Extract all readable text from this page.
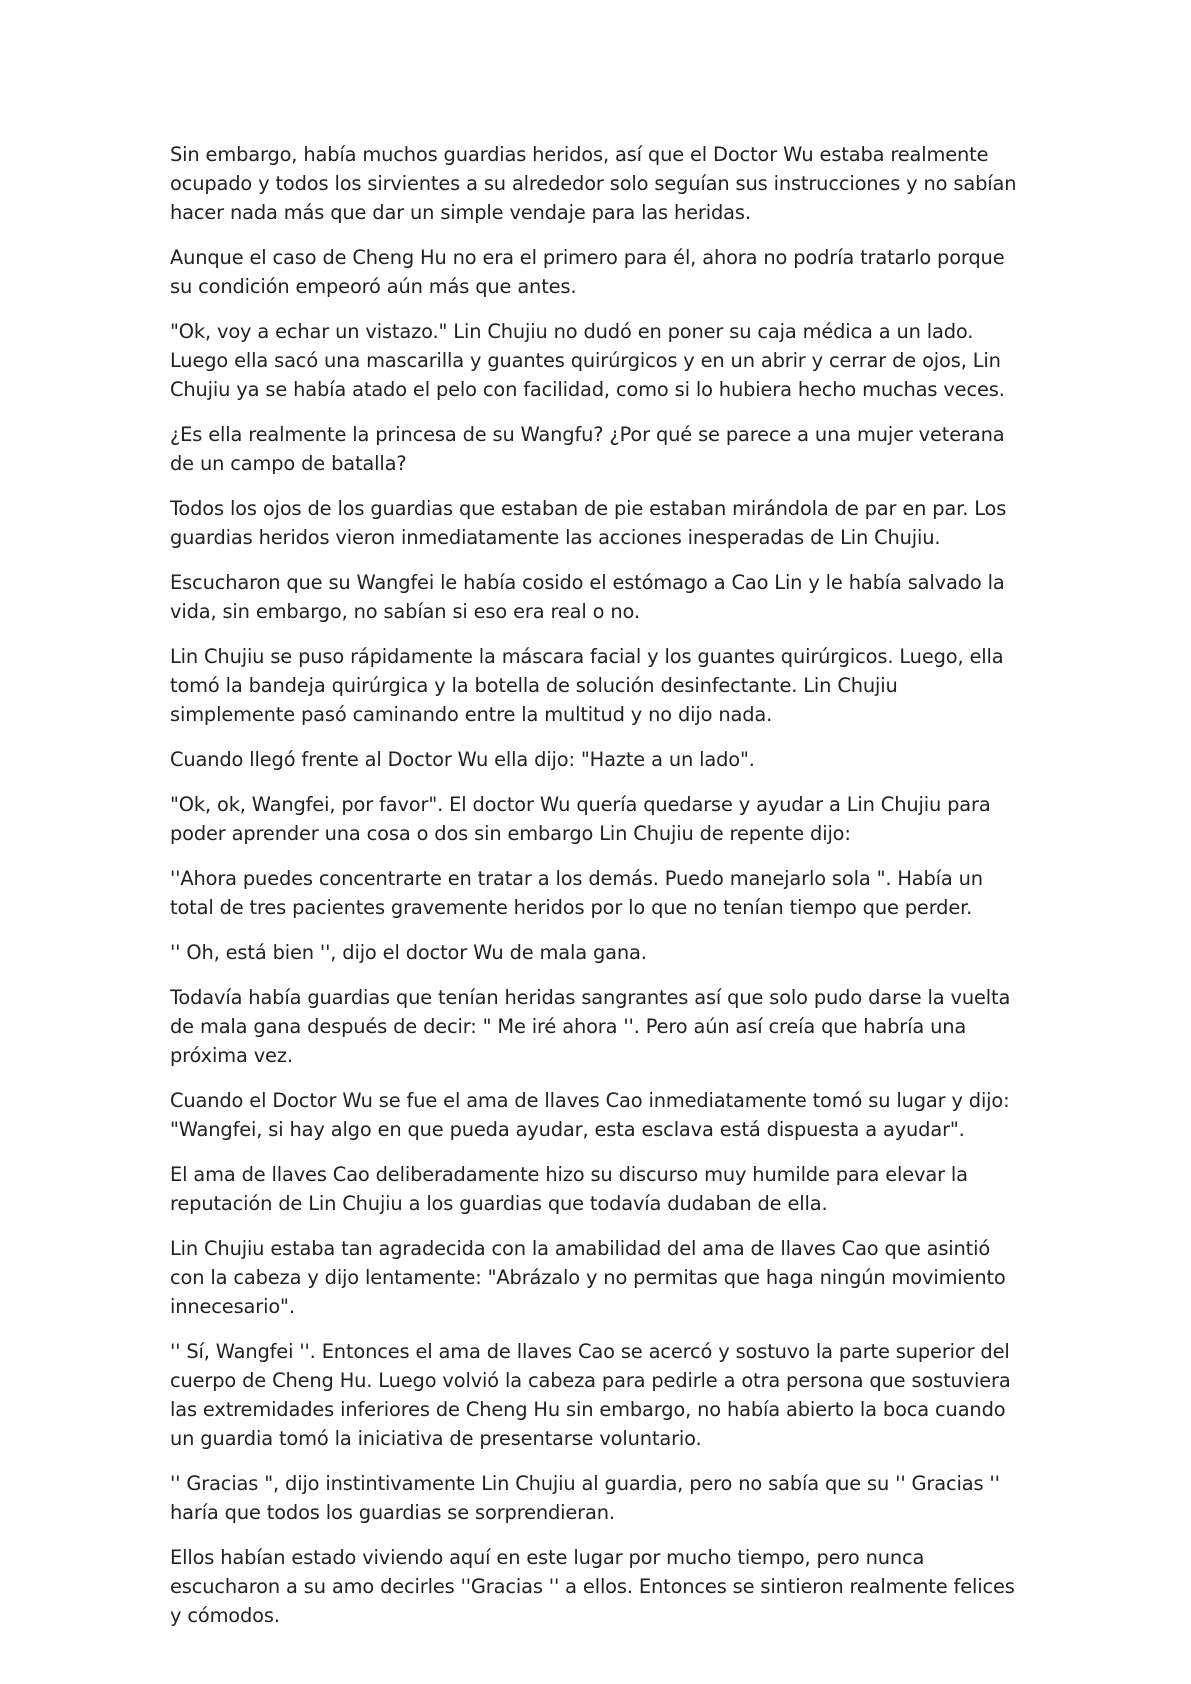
Sin embargo, había muchos guardias heridos, así que el Doctor Wu estaba realmente ocupado y todos los sirvientes a su alrededor solo seguían sus instrucciones y no sabían hacer nada más que dar un simple vendaje para las heridas.

Aunque el caso de Cheng Hu no era el primero para él, ahora no podría tratarlo porque su condición empeoró aún más que antes.

"Ok, voy a echar un vistazo." Lin Chujiu no dudó en poner su caja médica a un lado. Luego ella sacó una mascarilla y guantes quirúrgicos y en un abrir y cerrar de ojos, Lin Chujiu ya se había atado el pelo con facilidad, como si lo hubiera hecho muchas veces.

¿Es ella realmente la princesa de su Wangfu? ¿Por qué se parece a una mujer veterana de un campo de batalla?

Todos los ojos de los guardias que estaban de pie estaban mirándola de par en par. Los guardias heridos vieron inmediatamente las acciones inesperadas de Lin Chujiu.

Escucharon que su Wangfei le había cosido el estómago a Cao Lin y le había salvado la vida, sin embargo, no sabían si eso era real o no.

Lin Chujiu se puso rápidamente la máscara facial y los guantes quirúrgicos. Luego, ella tomó la bandeja quirúrgica y la botella de solución desinfectante. Lin Chujiu simplemente pasó caminando entre la multitud y no dijo nada.

Cuando llegó frente al Doctor Wu ella dijo: "Hazte a un lado".

"Ok, ok, Wangfei, por favor". El doctor Wu quería quedarse y ayudar a Lin Chujiu para poder aprender una cosa o dos sin embargo Lin Chujiu de repente dijo:

''Ahora puedes concentrarte en tratar a los demás. Puedo manejarlo sola ". Había un total de tres pacientes gravemente heridos por lo que no tenían tiempo que perder.

'' Oh, está bien '', dijo el doctor Wu de mala gana.

Todavía había guardias que tenían heridas sangrantes así que solo pudo darse la vuelta de mala gana después de decir: " Me iré ahora ''. Pero aún así creía que habría una próxima vez.

Cuando el Doctor Wu se fue el ama de llaves Cao inmediatamente tomó su lugar y dijo: "Wangfei, si hay algo en que pueda ayudar, esta esclava está dispuesta a ayudar".

El ama de llaves Cao deliberadamente hizo su discurso muy humilde para elevar la reputación de Lin Chujiu a los guardias que todavía dudaban de ella.

Lin Chujiu estaba tan agradecida con la amabilidad del ama de llaves Cao que asintió con la cabeza y dijo lentamente: "Abrázalo y no permitas que haga ningún movimiento innecesario".

'' Sí, Wangfei ''. Entonces el ama de llaves Cao se acercó y sostuvo la parte superior del cuerpo de Cheng Hu. Luego volvió la cabeza para pedirle a otra persona que sostuviera las extremidades inferiores de Cheng Hu sin embargo, no había abierto la boca cuando un guardia tomó la iniciativa de presentarse voluntario.

'' Gracias ", dijo instintivamente Lin Chujiu al guardia, pero no sabía que su '' Gracias '' haría que todos los guardias se sorprendieran.

Ellos habían estado viviendo aquí en este lugar por mucho tiempo, pero nunca escucharon a su amo decirles ''Gracias '' a ellos. Entonces se sintieron realmente felices y cómodos.
